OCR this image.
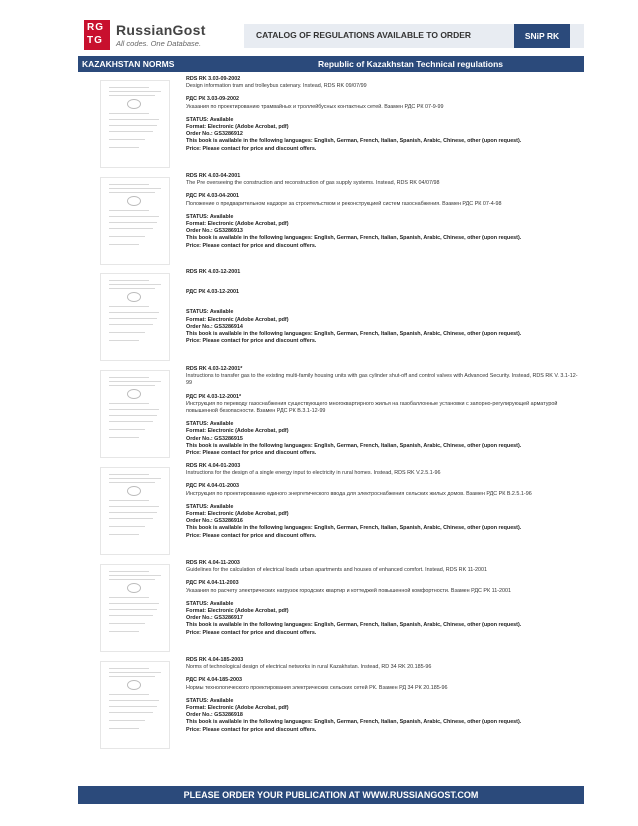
RG
TG
RussianGost
All codes. One Database.
CATALOG OF REGULATIONS AVAILABLE TO ORDER	SNiP RK
KAZAKHSTAN NORMS	Republic of Kazakhstan Technical regulations
RDS RK 3.03-09-2002
Design information tram and trolleybus catenary. Instead, RDS RK 09/07/99
РДС РК 3.03-09-2002
Указания по проектированию трамвайных и троллейбусных контактных сетей. Взамен РДС РК 07-9-99
STATUS: Available
Format: Electronic (Adobe Acrobat, pdf)
Order No.: GS3286912
This book is available in the following languages: English, German, French, Italian, Spanish, Arabic, Chinese, other (upon request).
Price: Please contact for price and discount offers.
RDS RK 4.03-04-2001
The Pre overseeing the construction and reconstruction of gas supply systems. Instead, RDS RK 04/07/98
РДС РК 4.03-04-2001
Положение о предварительном надзоре за строительством и реконструкцией систем газоснабжения. Взамен РДС РК 07-4-98
STATUS: Available
Format: Electronic (Adobe Acrobat, pdf)
Order No.: GS3286913
This book is available in the following languages: English, German, French, Italian, Spanish, Arabic, Chinese, other (upon request).
Price: Please contact for price and discount offers.
RDS RK 4.03-12-2001
РДС РК 4.03-12-2001
STATUS: Available
Format: Electronic (Adobe Acrobat, pdf)
Order No.: GS3286914
This book is available in the following languages: English, German, French, Italian, Spanish, Arabic, Chinese, other (upon request).
Price: Please contact for price and discount offers.
RDS RK 4.03-12-2001*
Instructions to transfer gas to the existing multi-family housing units with gas cylinder shut-off and control valves with Advanced Security. Instead, RDS RK V. 3.1-12-99
РДС РК 4.03-12-2001*
Инструкция по переводу газоснабжения существующего многоквартирного жилья на газобаллонные установки с запорно-регулирующей арматурой повышенной безопасности. Взамен РДС РК В.3.1-12-99
STATUS: Available
Format: Electronic (Adobe Acrobat, pdf)
Order No.: GS3286915
This book is available in the following languages: English, German, French, Italian, Spanish, Arabic, Chinese, other (upon request).
Price: Please contact for price and discount offers.
RDS RK 4.04-01-2003
Instructions for the design of a single energy input to electricity in rural homes. Instead, RDS RK V.2.5.1-96
РДС РК 4.04-01-2003
Инструкция по проектированию единого энергетического ввода для электроснабжения сельских жилых домов. Взамен РДС РК В.2.5.1-96
STATUS: Available
Format: Electronic (Adobe Acrobat, pdf)
Order No.: GS3286916
This book is available in the following languages: English, German, French, Italian, Spanish, Arabic, Chinese, other (upon request).
Price: Please contact for price and discount offers.
RDS RK 4.04-11-2003
Guidelines for the calculation of electrical loads urban apartments and houses of enhanced comfort. Instead, RDS RK 11-2001
РДС РК 4.04-11-2003
Указания по расчету электрических нагрузок городских квартир и коттеджей повышенной комфортности. Взамен РДС РК 11-2001
STATUS: Available
Format: Electronic (Adobe Acrobat, pdf)
Order No.: GS3286917
This book is available in the following languages: English, German, French, Italian, Spanish, Arabic, Chinese, other (upon request).
Price: Please contact for price and discount offers.
RDS RK 4.04-185-2003
Norms of technological design of electrical networks in rural Kazakhstan. Instead, RD 34 RK 20.185-96
РДС РК 4.04-185-2003
Нормы технологического проектирования электрических сельских сетей РК. Взамен РД 34 РК 20.185-96
STATUS: Available
Format: Electronic (Adobe Acrobat, pdf)
Order No.: GS3286918
This book is available in the following languages: English, German, French, Italian, Spanish, Arabic, Chinese, other (upon request).
Price: Please contact for price and discount offers.
PLEASE ORDER YOUR PUBLICATION AT WWW.RUSSIANGOST.COM
